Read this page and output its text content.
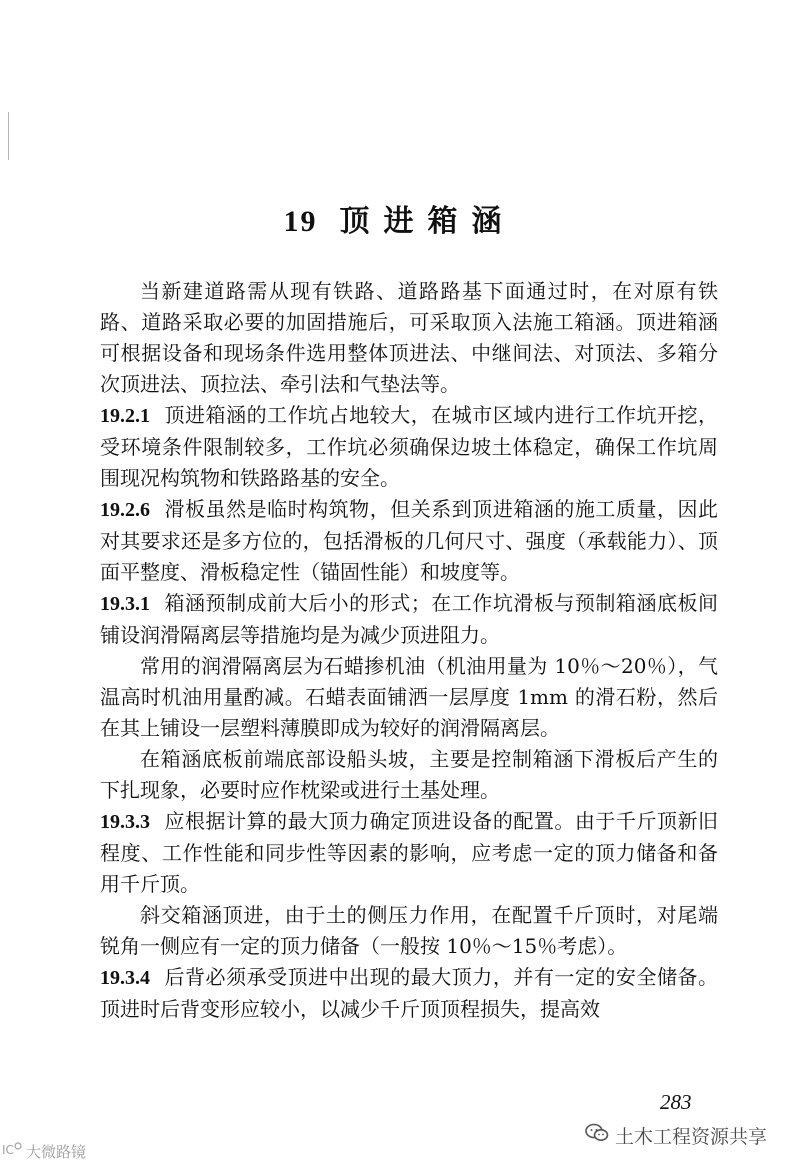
19 顶进箱涵

当新建道路需从现有铁路、道路路基下面通过时，在对原有铁路、道路采取必要的加固措施后，可采取顶入法施工箱涵。顶进箱涵可根据设备和现场条件选用整体顶进法、中继间法、对顶法、多箱分次顶进法、顶拉法、牵引法和气垫法等。

19.2.1 顶进箱涵的工作坑占地较大，在城市区域内进行工作坑开挖，受环境条件限制较多，工作坑必须确保边坡土体稳定，确保工作坑周围现况构筑物和铁路路基的安全。

19.2.6 滑板虽然是临时构筑物，但关系到顶进箱涵的施工质量，因此对其要求还是多方位的，包括滑板的几何尺寸、强度（承载能力）、顶面平整度、滑板稳定性（锚固性能）和坡度等。

19.3.1 箱涵预制成前大后小的形式；在工作坑滑板与预制箱涵底板间铺设润滑隔离层等措施均是为减少顶进阻力。

常用的润滑隔离层为石蜡掺机油（机油用量为 10％～20％），气温高时机油用量酌减。石蜡表面铺洒一层厚度 1mm 的滑石粉，然后在其上铺设一层塑料薄膜即成为较好的润滑隔离层。

在箱涵底板前端底部设船头坡，主要是控制箱涵下滑板后产生的下扎现象，必要时应作枕梁或进行土基处理。

19.3.3 应根据计算的最大顶力确定顶进设备的配置。由于千斤顶新旧程度、工作性能和同步性等因素的影响，应考虑一定的顶力储备和备用千斤顶。

斜交箱涵顶进，由于土的侧压力作用，在配置千斤顶时，对尾端锐角一侧应有一定的顶力储备（一般按 10％～15％考虑）。

19.3.4 后背必须承受顶进中出现的最大顶力，并有一定的安全储备。顶进时后背变形应较小，以减少千斤顶顶程损失，提高效

283
IC 大微路镜
土木工程资源共享
